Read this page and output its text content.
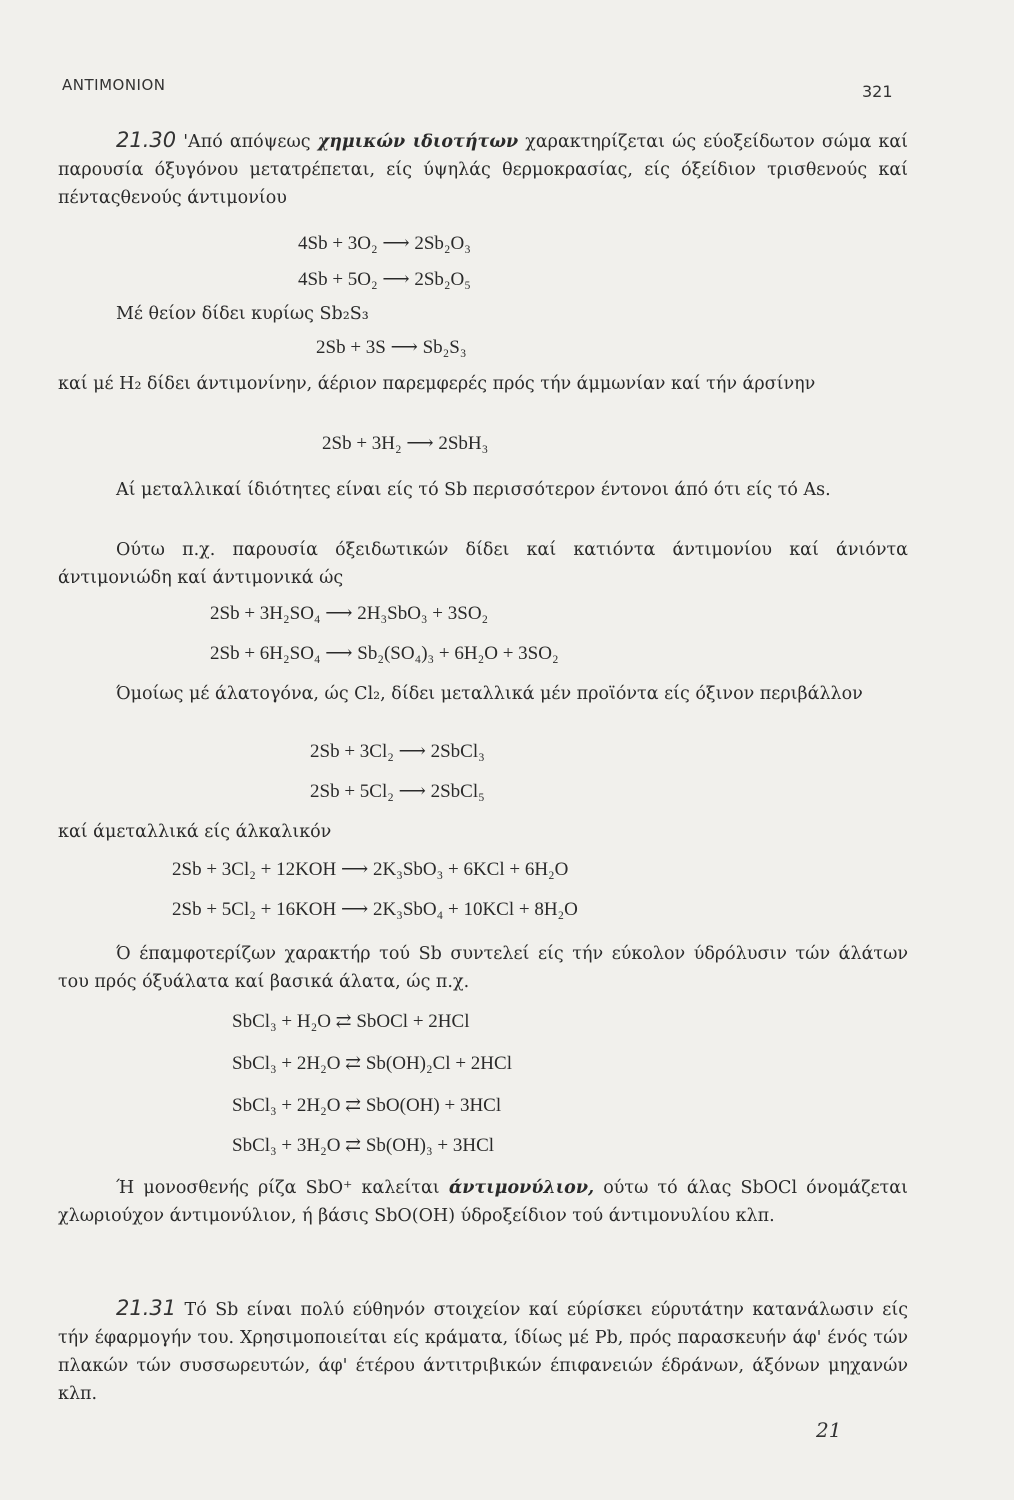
ANTIMONION	321
21.30 'Από απόψεως χημικών ιδιοτήτων χαρακτηρίζεται ώς εύοξείδωτον σώμα καί παρουσία όξυγόνου μετατρέπεται, είς ύψηλάς θερμοκρασίας, είς όξείδιον τρισθενούς καί πένταςθενούς άντιμονίου
4Sb + 3O₂ ⟶ 2Sb₂O₃
4Sb + 5O₂ ⟶ 2Sb₂O₅
Μέ θείον δίδει κυρίως Sb₂S₃
2Sb + 3S ⟶ Sb₂S₃
καί μέ H₂ δίδει άντιμονίνην, άέριον παρεμφερές πρός τήν άμμωνίαν καί τήν άρσίνην
2Sb + 3H₂ ⟶ 2SbH₃
Αί μεταλλικαί ίδιότητες είναι είς τό Sb περισσότερον έντονοι άπό ότι είς τό As.
Ούτω π.χ. παρουσία όξειδωτικών δίδει καί κατιόντα άντιμονίου καί άνιόντα άντιμονιώδη καί άντιμονικά ώς
2Sb + 3H₂SO₄ ⟶ 2H₃SbO₃ + 3SO₂
2Sb + 6H₂SO₄ ⟶ Sb₂(SO₄)₃ + 6H₂O + 3SO₂
Όμοίως μέ άλατογόνα, ώς Cl₂, δίδει μεταλλικά μέν προϊόντα είς όξινον περιβάλλον
2Sb + 3Cl₂ ⟶ 2SbCl₃
2Sb + 5Cl₂ ⟶ 2SbCl₅
καί άμεταλλικά είς άλκαλικόν
2Sb + 3Cl₂ + 12KOH ⟶ 2K₃SbO₃ + 6KCl + 6H₂O
2Sb + 5Cl₂ + 16KOH ⟶ 2K₃SbO₄ + 10KCl + 8H₂O
Ό έπαμφοτερίζων χαρακτήρ τού Sb συντελεί είς τήν εύκολον ύδρόλυσιν τών άλάτων του πρός όξυάλατα καί βασικά άλατα, ώς π.χ.
SbCl₃ + H₂O ⇄ SbOCl + 2HCl
SbCl₃ + 2H₂O ⇄ Sb(OH)₂Cl + 2HCl
SbCl₃ + 2H₂O ⇄ SbO(OH) + 3HCl
SbCl₃ + 3H₂O ⇄ Sb(OH)₃ + 3HCl
Ή μονοσθενής ρίζα SbO⁺ καλείται άντιμονύλιον, ούτω τό άλας SbOCl όνομάζεται χλωριούχον άντιμονύλιον, ή βάσις SbO(OH) ύδροξείδιον τού άντιμονυλίου κλπ.
21.31 Τό Sb είναι πολύ εύθηνόν στοιχείον καί εύρίσκει εύρυτάτην κατανάλωσιν είς τήν έφαρμογήν του. Χρησιμοποιείται είς κράματα, ίδίως μέ Pb, πρός παρασκευήν άφ' ένός τών πλακών τών συσσωρευτών, άφ' έτέρου άντιτριβικών έπιφανειών έδράνων, άξόνων μηχανών κλπ.
21
